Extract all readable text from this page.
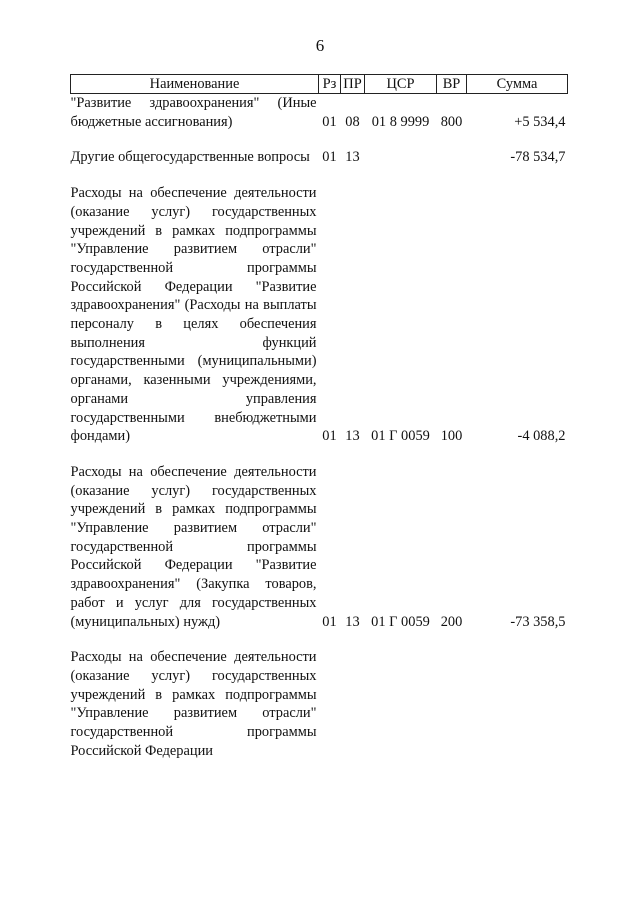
6
Наименование	Рз	ПР	ЦСР	ВР	Сумма
"Развитие здравоохранения" (Иные бюджетные ассигнования)	01	08	01 8 9999	800	+5 534,4

Другие общегосударственные вопросы	01	13			-78 534,7

Расходы на обеспечение деятельности (оказание услуг) государственных учреждений в рамках подпрограммы "Управление развитием отрасли" государственной программы Российской Федерации "Развитие здравоохранения" (Расходы на выплаты персоналу в целях обеспечения выполнения функций государственными (муниципальными) органами, казенными учреждениями, органами управления государственными внебюджетными фондами)	01	13	01 Г 0059	100	-4 088,2

Расходы на обеспечение деятельности (оказание услуг) государственных учреждений в рамках подпрограммы "Управление развитием отрасли" государственной программы Российской Федерации "Развитие здравоохранения" (Закупка товаров, работ и услуг для государственных (муниципальных) нужд)	01	13	01 Г 0059	200	-73 358,5

Расходы на обеспечение деятельности (оказание услуг) государственных учреждений в рамках подпрограммы "Управление развитием отрасли" государственной программы Российской Федерации					
